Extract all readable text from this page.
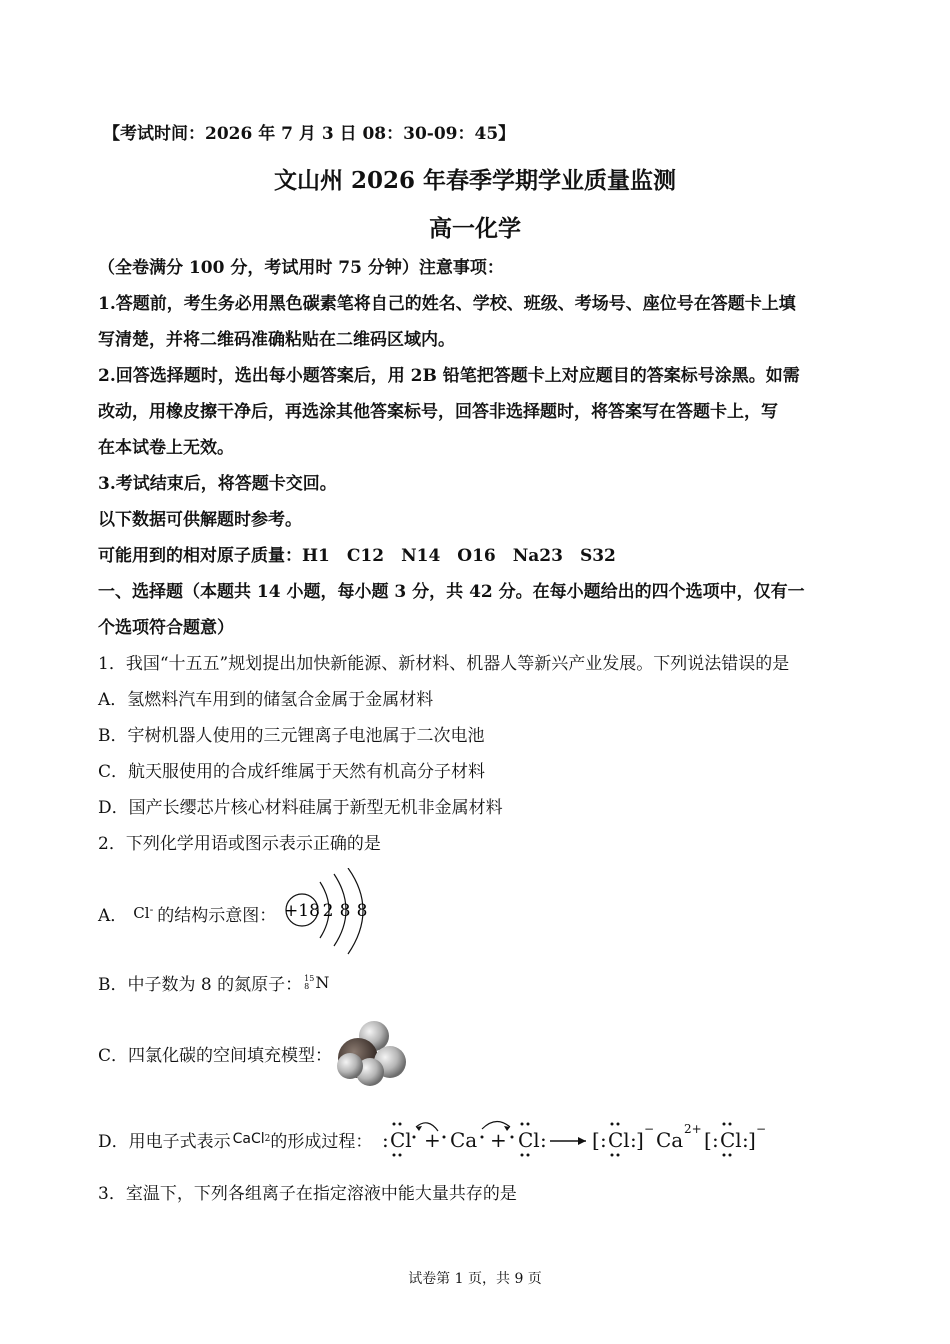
【考试时间：2026 年 7 月 3 日 08：30-09：45】
文山州 2026 年春季学期学业质量监测
高一化学
（全卷满分 100 分，考试用时 75 分钟）注意事项：
1.答题前，考生务必用黑色碳素笔将自己的姓名、学校、班级、考场号、座位号在答题卡上填
写清楚，并将二维码准确粘贴在二维码区域内。
2.回答选择题时，选出每小题答案后，用 2B 铅笔把答题卡上对应题目的答案标号涂黑。如需
改动，用橡皮擦干净后，再选涂其他答案标号，回答非选择题时，将答案写在答题卡上，写
在本试卷上无效。
3.考试结束后，将答题卡交回。
以下数据可供解题时参考。
可能用到的相对原子质量：H1　C12　N14　O16　Na23　S32
一、选择题（本题共 14 小题，每小题 3 分，共 42 分。在每小题给出的四个选项中，仅有一
个选项符合题意）
1．我国“十五五”规划提出加快新能源、新材料、机器人等新兴产业发展。下列说法错误的是
A．氢燃料汽车用到的储氢合金属于金属材料
B．宇树机器人使用的三元锂离子电池属于二次电池
C．航天服使用的合成纤维属于天然有机高分子材料
D．国产长缨芯片核心材料硅属于新型无机非金属材料
2．下列化学用语或图示表示正确的是
A． Cl- 的结构示意图： +18 2 8 8
B．中子数为 8 的氮原子： 15
8 N
C．四氯化碳的空间填充模型：
D．用电子式表示 CaCl 2 的形成过程： : Cl + Ca + Cl : [ : Cl : ] − Ca 2+ [ : Cl : ] −
3．室温下，下列各组离子在指定溶液中能大量共存的是
试卷第 1 页，共 9 页
